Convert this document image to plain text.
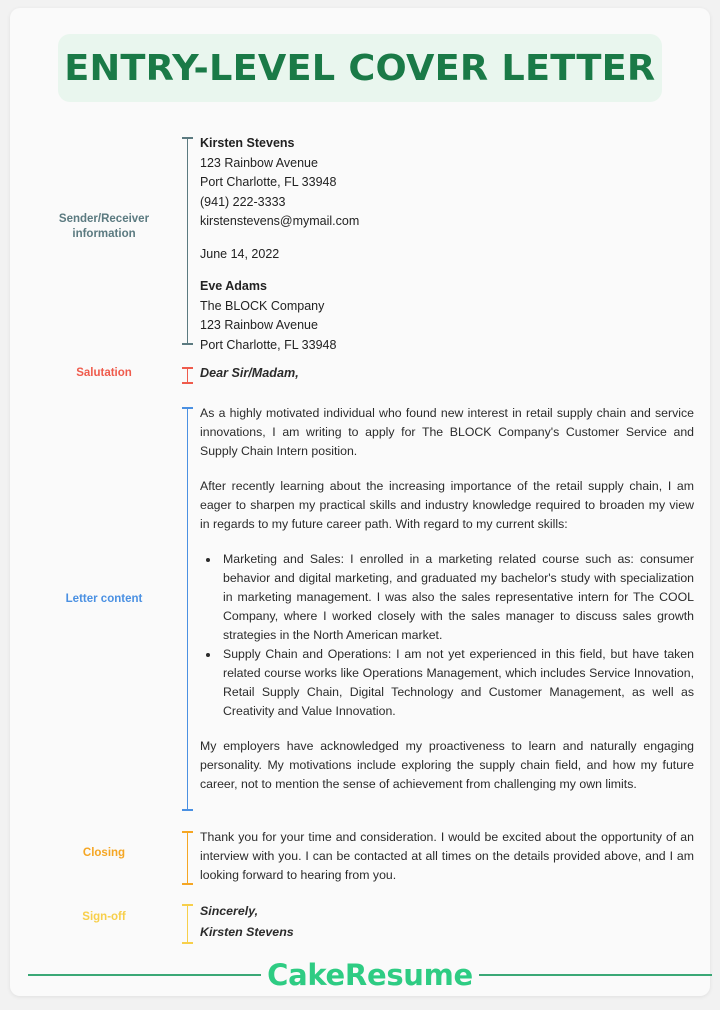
ENTRY-LEVEL COVER LETTER
Sender/Receiver
information
Kirsten Stevens
123 Rainbow Avenue
Port Charlotte, FL 33948
(941) 222-3333
kirstenstevens@mymail.com
June 14, 2022
Eve Adams
The BLOCK Company
123 Rainbow Avenue
Port Charlotte, FL 33948
Salutation	Dear Sir/Madam,
Letter content

As a highly motivated individual who found new interest in retail supply chain and service innovations, I am writing to apply for The BLOCK Company's Customer Service and Supply Chain Intern position.

After recently learning about the increasing importance of the retail supply chain, I am eager to sharpen my practical skills and industry knowledge required to broaden my view in regards to my future career path. With regard to my current skills:

• Marketing and Sales: I enrolled in a marketing related course such as: consumer behavior and digital marketing, and graduated my bachelor's study with specialization in marketing management. I was also the sales representative intern for The COOL Company, where I worked closely with the sales manager to discuss sales growth strategies in the North American market.
• Supply Chain and Operations: I am not yet experienced in this field, but have taken related course works like Operations Management, which includes Service Innovation, Retail Supply Chain, Digital Technology and Customer Management, as well as Creativity and Value Innovation.

My employers have acknowledged my proactiveness to learn and naturally engaging personality. My motivations include exploring the supply chain field, and how my future career, not to mention the sense of achievement from challenging my own limits.

Closing

Thank you for your time and consideration. I would be excited about the opportunity of an interview with you. I can be contacted at all times on the details provided above, and I am looking forward to hearing from you.

Sign-off	Sincerely,
Kirsten Stevens
CakeResume
